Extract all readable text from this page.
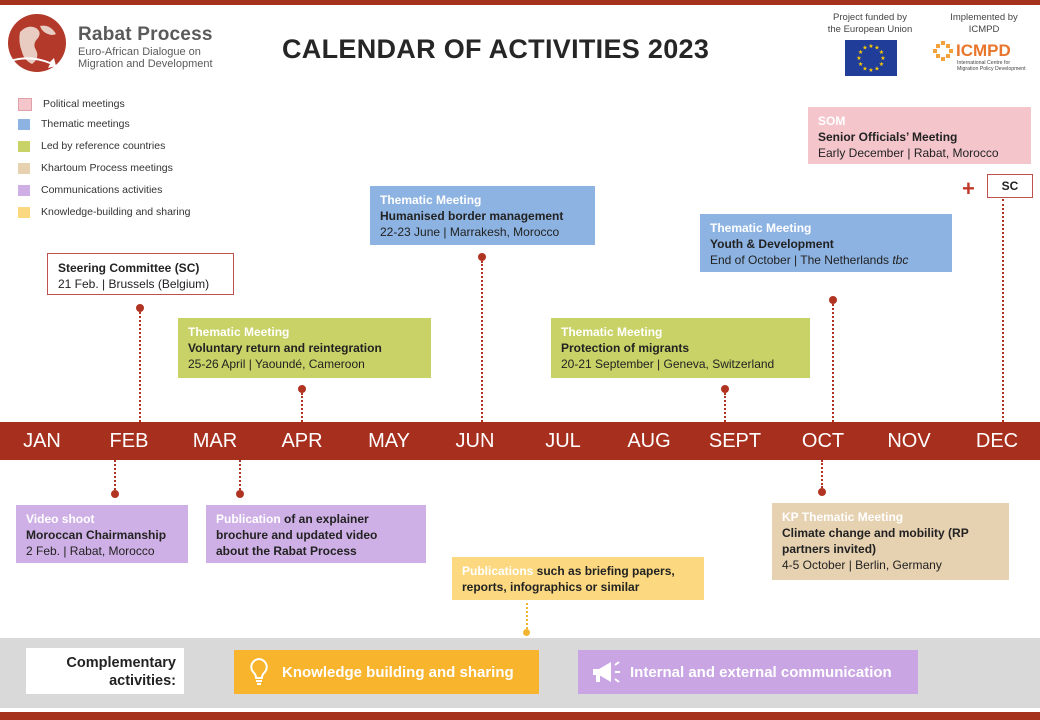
Rabat Process
Euro-African Dialogue on
Migration and Development	CALENDAR OF ACTIVITIES 2023
Project funded by
the European Union
★ ★
★
★
★
★
★
★
★
★
★
★
Implemented by
ICMPD
ICMPD
International Centre for
Migration Policy Development
Political meetings
Thematic meetings
Led by reference countries
Khartoum Process meetings
Communications activities
Knowledge-building and sharing
Steering Committee (SC)
21 Feb. | Brussels (Belgium)
Thematic Meeting
Voluntary return and reintegration
25-26 April | Yaoundé, Cameroon
Thematic Meeting
Humanised border management
22-23 June | Marrakesh, Morocco
Thematic Meeting
Protection of migrants
20-21 September | Geneva, Switzerland
Thematic Meeting
Youth & Development
End of October | The Netherlands tbc
SOM
Senior Officials’ Meeting
Early December | Rabat, Morocco
+	SC
JAN	FEB	MAR	APR	MAY	JUN	JUL	AUG	SEPT	OCT	NOV	DEC
Video shoot
Moroccan Chairmanship
2 Feb. | Rabat, Morocco
Publication of an explainer
brochure and updated video
about the Rabat Process
Publications such as briefing papers,
reports, infographics or similar
KP Thematic Meeting
Climate change and mobility (RP
partners invited)
4-5 October | Berlin, Germany
Complementary
activities:
Knowledge building and sharing	Internal and external communication
